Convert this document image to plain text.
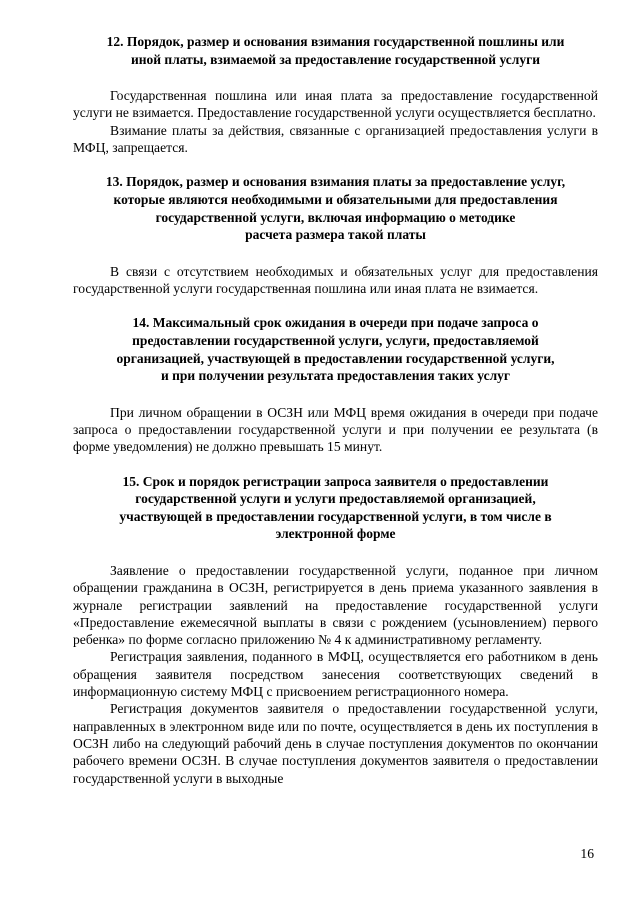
12. Порядок, размер и основания взимания государственной пошлины или
иной платы, взимаемой за предоставление государственной услуги

Государственная пошлина или иная плата за предоставление государственной услуги не взимается. Предоставление государственной услуги осуществляется бесплатно.

Взимание платы за действия, связанные с организацией предоставления услуги в МФЦ, запрещается.

13. Порядок, размер и основания взимания платы за предоставление услуг,
которые являются необходимыми и обязательными для предоставления
государственной услуги, включая информацию о методике
расчета размера такой платы

В связи с отсутствием необходимых и обязательных услуг для предоставления государственной услуги государственная пошлина или иная плата не взимается.

14. Максимальный срок ожидания в очереди при подаче запроса о
предоставлении государственной услуги, услуги, предоставляемой
организацией, участвующей в предоставлении государственной услуги,
и при получении результата предоставления таких услуг

При личном обращении в ОСЗН или МФЦ время ожидания в очереди при подаче запроса о предоставлении государственной услуги и при получении ее результата (в форме уведомления) не должно превышать 15 минут.

15. Срок и порядок регистрации запроса заявителя о предоставлении
государственной услуги и услуги предоставляемой организацией,
участвующей в предоставлении государственной услуги, в том числе в
электронной форме

Заявление о предоставлении государственной услуги, поданное при личном обращении гражданина в ОСЗН, регистрируется в день приема указанного заявления в журнале регистрации заявлений на предоставление государственной услуги «Предоставление ежемесячной выплаты в связи с рождением (усыновлением) первого ребенка» по форме согласно приложению № 4 к административному регламенту.

Регистрация заявления, поданного в МФЦ, осуществляется его работником в день обращения заявителя посредством занесения соответствующих сведений в информационную систему МФЦ с присвоением регистрационного номера.

Регистрация документов заявителя о предоставлении государственной услуги, направленных в электронном виде или по почте, осуществляется в день их поступления в ОСЗН либо на следующий рабочий день в случае поступления документов по окончании рабочего времени ОСЗН. В случае поступления документов заявителя о предоставлении государственной услуги в выходные

16
